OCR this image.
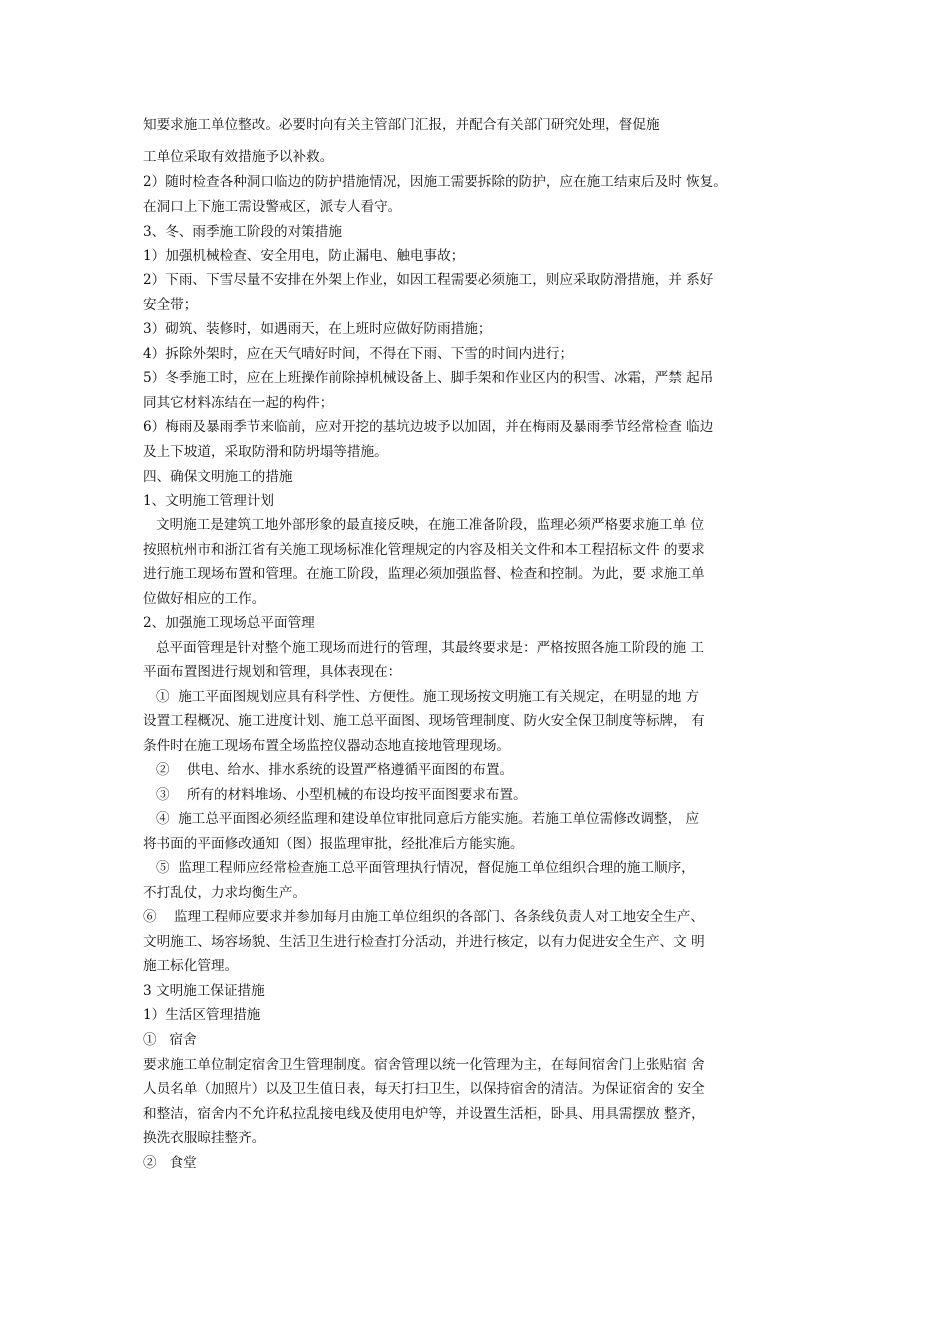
知要求施工单位整改。必要时向有关主管部门汇报，并配合有关部门研究处理，督促施
工单位采取有效措施予以补救。
2）随时检查各种洞口临边的防护措施情况，因施工需要拆除的防护，应在施工结束后及时 恢复。
在洞口上下施工需设警戒区，派专人看守。
3、冬、雨季施工阶段的对策措施
1）加强机械检查、安全用电，防止漏电、触电事故；
2）下雨、下雪尽量不安排在外架上作业，如因工程需要必须施工，则应采取防滑措施，并 系好
安全带；
3）砌筑、装修时，如遇雨天，在上班时应做好防雨措施；
4）拆除外架时，应在天气晴好时间，不得在下雨、下雪的时间内进行；
5）冬季施工时，应在上班操作前除掉机械设备上、脚手架和作业区内的积雪、冰霜，严禁 起吊
同其它材料冻结在一起的构件；
6）梅雨及暴雨季节来临前，应对开挖的基坑边坡予以加固，并在梅雨及暴雨季节经常检查 临边
及上下坡道，采取防滑和防坍塌等措施。
四、确保文明施工的措施
1、文明施工管理计划
文明施工是建筑工地外部形象的最直接反映，在施工准备阶段，监理必须严格要求施工单 位
按照杭州市和浙江省有关施工现场标准化管理规定的内容及相关文件和本工程招标文件 的要求
进行施工现场布置和管理。在施工阶段，监理必须加强监督、检查和控制。为此，要 求施工单
位做好相应的工作。
2、加强施工现场总平面管理
总平面管理是针对整个施工现场而进行的管理，其最终要求是：严格按照各施工阶段的施 工
平面布置图进行规划和管理，具体表现在：
①  施工平面图规划应具有科学性、方便性。施工现场按文明施工有关规定，在明显的地 方
设置工程概况、施工进度计划、施工总平面图、现场管理制度、防火安全保卫制度等标牌， 有
条件时在施工现场布置全场监控仪器动态地直接地管理现场。
②    供电、给水、排水系统的设置严格遵循平面图的布置。
③    所有的材料堆场、小型机械的布设均按平面图要求布置。
④  施工总平面图必须经监理和建设单位审批同意后方能实施。若施工单位需修改调整， 应
将书面的平面修改通知（图）报监理审批，经批准后方能实施。
⑤  监理工程师应经常检查施工总平面管理执行情况，督促施工单位组织合理的施工顺序，
不打乱仗，力求均衡生产。
⑥    监理工程师应要求并参加每月由施工单位组织的各部门、各条线负责人对工地安全生产、
文明施工、场容场貌、生活卫生进行检查打分活动，并进行核定，以有力促进安全生产、文 明
施工标化管理。
3 文明施工保证措施
1）生活区管理措施
①   宿舍
要求施工单位制定宿舍卫生管理制度。宿舍管理以统一化管理为主，在每间宿舍门上张贴宿 舍
人员名单（加照片）以及卫生值日表，每天打扫卫生，以保持宿舍的清洁。为保证宿舍的 安全
和整洁，宿舍内不允许私拉乱接电线及使用电炉等，并设置生活柜，卧具、用具需摆放 整齐，
换洗衣服晾挂整齐。
②   食堂
